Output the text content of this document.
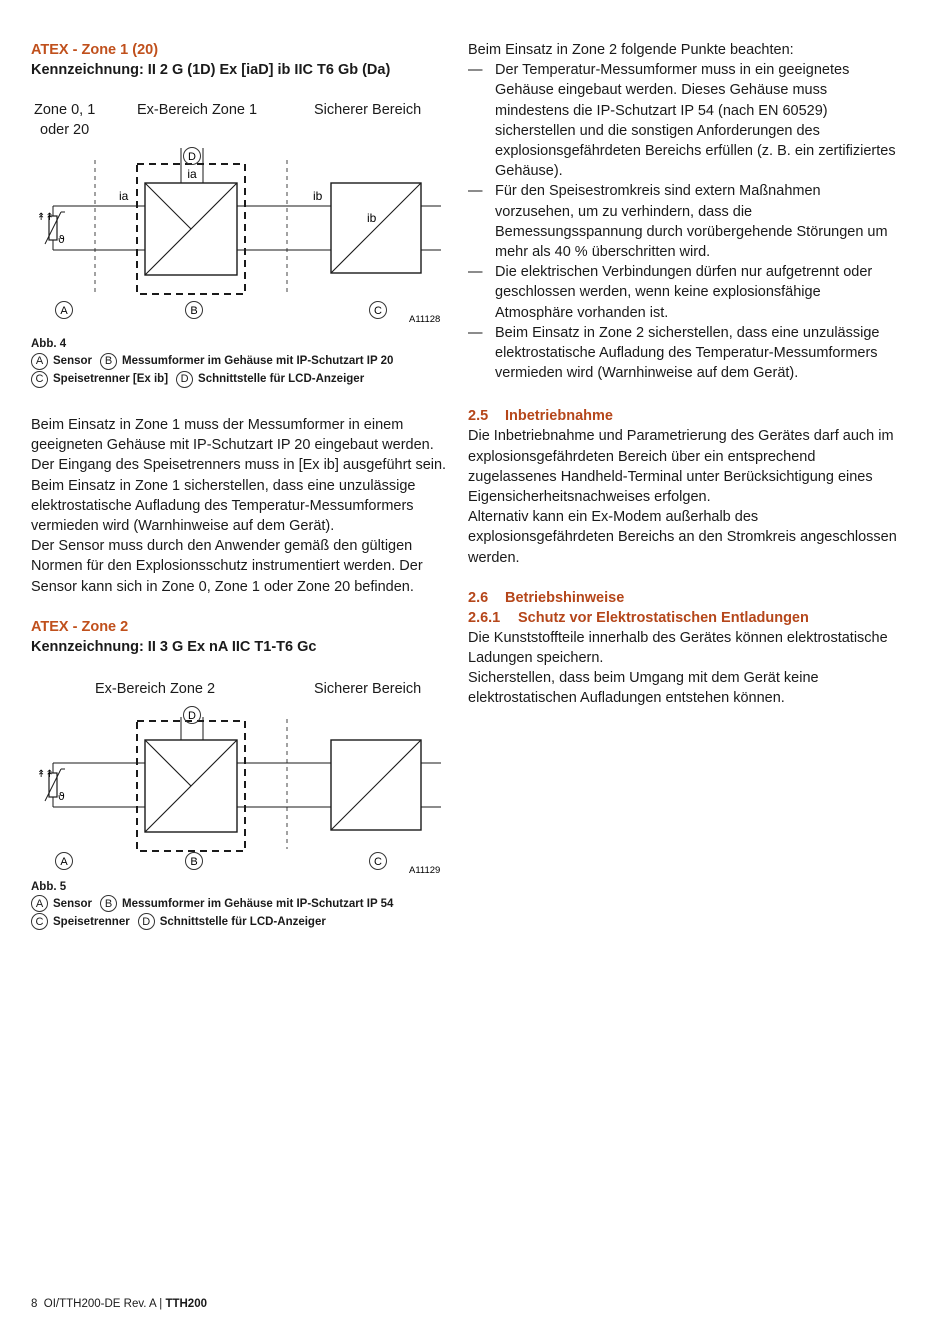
ATEX - Zone 1 (20)
Kennzeichnung: II 2 G (1D) Ex [iaD] ib IIC T6 Gb (Da)
Zone 0, 1
oder 20
Ex-Bereich Zone 1	Sicherer Bereich
D
ia
ia
↟↟
ϑ
ib
ib
A	B	C
A11128
Abb. 4
A Sensor	B Messumformer im Gehäuse mit IP-Schutzart IP 20
C Speisetrenner [Ex ib]	D Schnittstelle für LCD-Anzeiger

Beim Einsatz in Zone 1 muss der Messumformer in einem geeigneten Gehäuse mit IP-Schutzart IP 20 eingebaut werden. Der Eingang des Speisetrenners muss in [Ex ib] ausgeführt sein.

Beim Einsatz in Zone 1 sicherstellen, dass eine unzulässige elektrostatische Aufladung des Temperatur-Messumformers vermieden wird (Warnhinweise auf dem Gerät).

Der Sensor muss durch den Anwender gemäß den gültigen Normen für den Explosionsschutz instrumentiert werden. Der Sensor kann sich in Zone 0, Zone 1 oder Zone 20 befinden.

ATEX - Zone 2
Kennzeichnung: II 3 G Ex nA IIC T1-T6 Gc
Ex-Bereich Zone 2	Sicherer Bereich
D
↟↟
ϑ
A	B	C
A11129
Abb. 5
A Sensor	B Messumformer im Gehäuse mit IP-Schutzart IP 54
C Speisetrenner	D Schnittstelle für LCD-Anzeiger

Beim Einsatz in Zone 2 folgende Punkte beachten:

— Der Temperatur-Messumformer muss in ein geeignetes Gehäuse eingebaut werden. Dieses Gehäuse muss mindestens die IP-Schutzart IP 54 (nach EN 60529) sicherstellen und die sonstigen Anforderungen des explosionsgefährdeten Bereichs erfüllen (z. B. ein zertifiziertes Gehäuse).
— Für den Speisestromkreis sind extern Maßnahmen vorzusehen, um zu verhindern, dass die Bemessungsspannung durch vorübergehende Störungen um mehr als 40 % überschritten wird.
— Die elektrischen Verbindungen dürfen nur aufgetrennt oder geschlossen werden, wenn keine explosionsfähige Atmosphäre vorhanden ist.
— Beim Einsatz in Zone 2 sicherstellen, dass eine unzulässige elektrostatische Aufladung des Temperatur-Messumformers vermieden wird (Warnhinweise auf dem Gerät).
2.5 Inbetriebnahme

Die Inbetriebnahme und Parametrierung des Gerätes darf auch im explosionsgefährdeten Bereich über ein entsprechend zugelassenes Handheld-Terminal unter Berücksichtigung eines Eigensicherheitsnachweises erfolgen.

Alternativ kann ein Ex-Modem außerhalb des explosionsgefährdeten Bereichs an den Stromkreis angeschlossen werden.

2.6 Betriebshinweise
2.6.1 Schutz vor Elektrostatischen Entladungen

Die Kunststoffteile innerhalb des Gerätes können elektrostatische Ladungen speichern.

Sicherstellen, dass beim Umgang mit dem Gerät keine elektrostatischen Aufladungen entstehen können.

8 OI/TTH200-DE Rev. A | TTH200
